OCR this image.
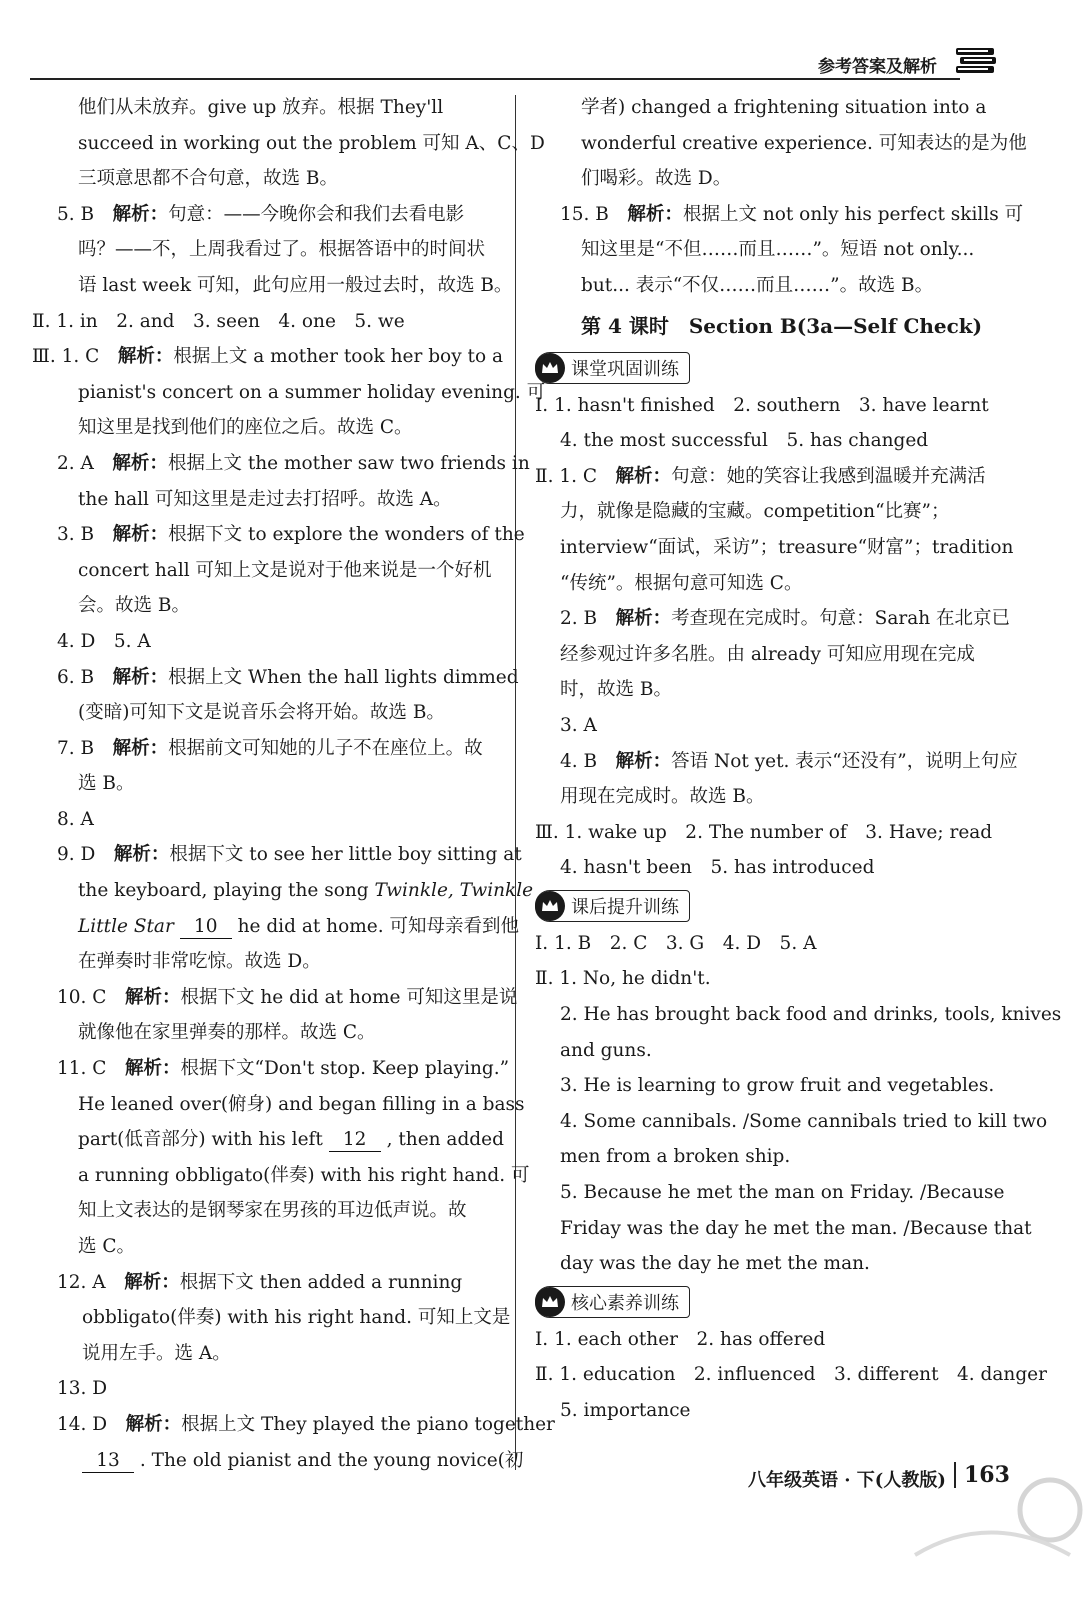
参考答案及解析
他们从未放弃。give up 放弃。根据 They'll
succeed in working out the problem 可知 A、C、D
三项意思都不合句意，故选 B。
5. B　 解析：句意：——今晚你会和我们去看电影
吗？——不，上周我看过了。根据答语中的时间状
语 last week 可知，此句应用一般过去时，故选 B。
Ⅱ. 1. in　2. and　3. seen　4. one　5. we
Ⅲ. 1. C　 解析：根据上文 a mother took her boy to a
pianist's concert on a summer holiday evening. 可
知这里是找到他们的座位之后。故选 C。
2. A　 解析：根据上文 the mother saw two friends in
the hall 可知这里是走过去打招呼。故选 A。
3. B　 解析：根据下文 to explore the wonders of the
concert hall 可知上文是说对于他来说是一个好机
会。故选 B。
4. D　5. A
6. B　 解析：根据上文 When the hall lights dimmed
(变暗)可知下文是说音乐会将开始。故选 B。
7. B　 解析：根据前文可知她的儿子不在座位上。故
选 B。
8. A
9. D　 解析：根据下文 to see her little boy sitting at
the keyboard, playing the song Twinkle, Twinkle
Little Star 10 he did at home. 可知母亲看到他
在弹奏时非常吃惊。故选 D。
10. C　 解析：根据下文 he did at home 可知这里是说
就像他在家里弹奏的那样。故选 C。
11. C　 解析：根据下文“Don't stop. Keep playing.”
He leaned over(俯身) and began filling in a bass
part(低音部分) with his left 12 , then added
a running obbligato(伴奏) with his right hand. 可
知上文表达的是钢琴家在男孩的耳边低声说。故
选 C。
12. A　 解析：根据下文 then added a running
obbligato(伴奏) with his right hand. 可知上文是
说用左手。选 A。
13. D
14. D　 解析：根据上文 They played the piano together
13 . The old pianist and the young novice(初
学者) changed a frightening situation into a
wonderful creative experience. 可知表达的是为他
们喝彩。故选 D。
15. B　 解析：根据上文 not only his perfect skills 可
知这里是“不但……而且……”。短语 not only...
but... 表示“不仅……而且……”。故选 B。
第 4 课时　Section B(3a—Self Check)
课堂巩固训练
Ⅰ. 1. hasn't finished　2. southern　3. have learnt
4. the most successful　5. has changed
Ⅱ. 1. C　 解析：句意：她的笑容让我感到温暖并充满活
力，就像是隐藏的宝藏。competition“比赛”；
interview“面试，采访”；treasure“财富”；tradition
“传统”。根据句意可知选 C。
2. B　 解析：考查现在完成时。句意：Sarah 在北京已
经参观过许多名胜。由 already 可知应用现在完成
时，故选 B。
3. A
4. B　 解析：答语 Not yet. 表示“还没有”，说明上句应
用现在完成时。故选 B。
Ⅲ. 1. wake up　2. The number of　3. Have; read
4. hasn't been　5. has introduced
课后提升训练
Ⅰ. 1. B　2. C　3. G　4. D　5. A
Ⅱ. 1. No, he didn't.
2. He has brought back food and drinks, tools, knives
and guns.
3. He is learning to grow fruit and vegetables.
4. Some cannibals. /Some cannibals tried to kill two
men from a broken ship.
5. Because he met the man on Friday. /Because
Friday was the day he met the man. /Because that
day was the day he met the man.
核心素养训练
Ⅰ. 1. each other　2. has offered
Ⅱ. 1. education　2. influenced　3. different　4. danger
5. importance
八年级英语 · 下(人教版) 163
